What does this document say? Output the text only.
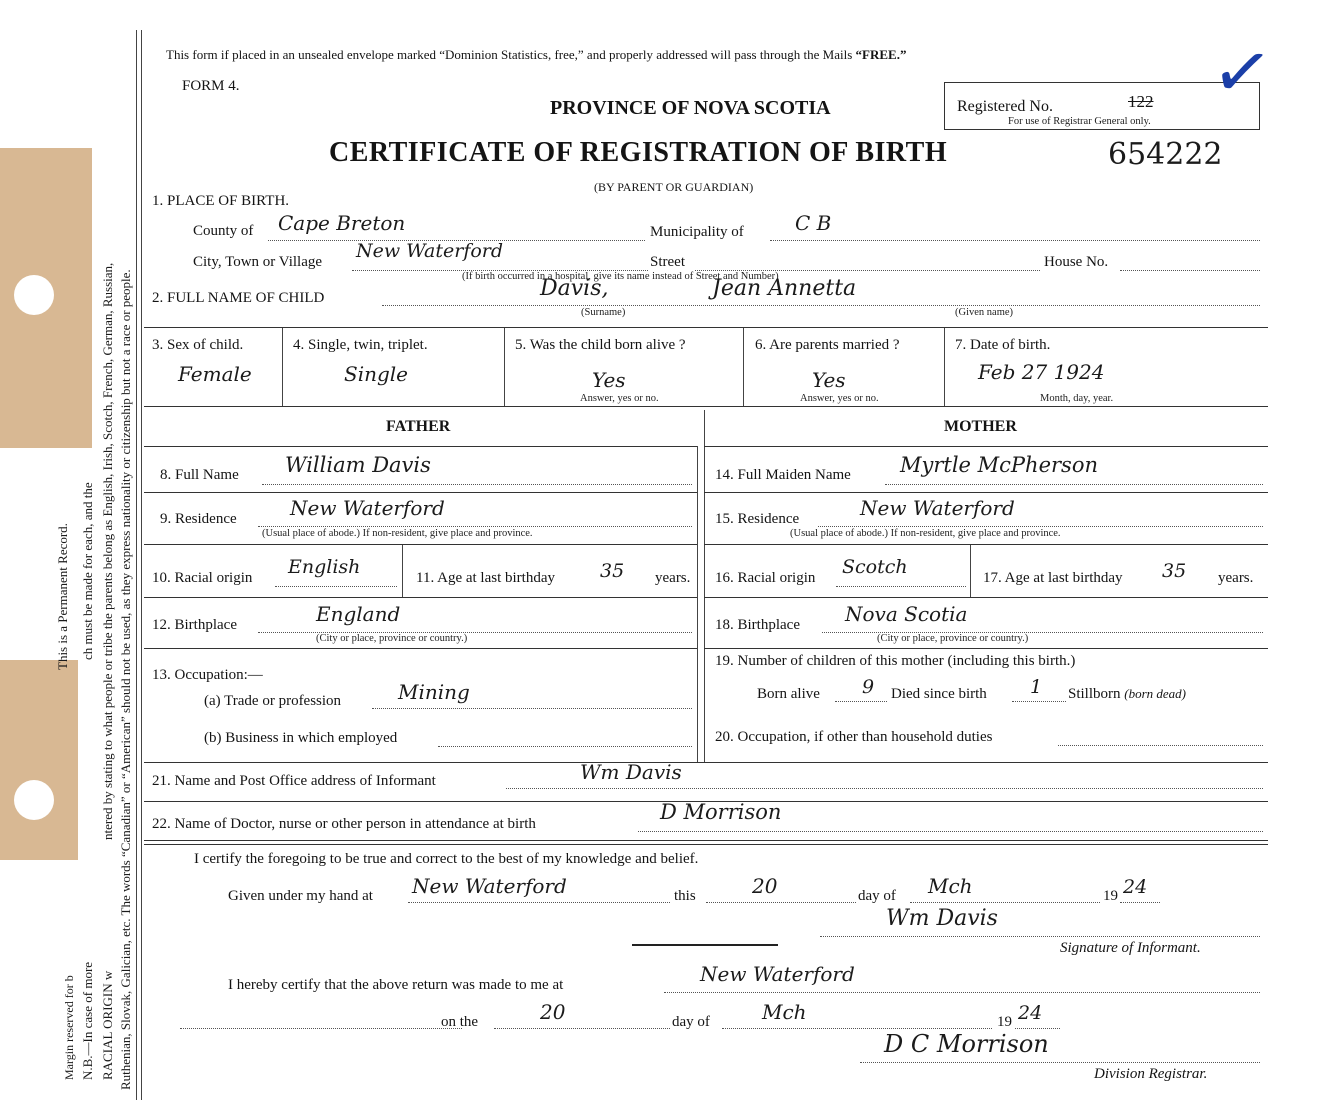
Margin reserved for b
This is a Permanent Record.
N.B.—In case of more
ch must be made for each, and the
RACIAL ORIGIN w
ntered by stating to what people or tribe the parents belong as English, Irish, Scotch, French, German, Russian, Ruthenian, Slovak, Galician, etc. The words “Canadian” or “American” should not be used, as they express nationality or citizenship but not a race or people.
This form if placed in an unsealed envelope marked “Dominion Statistics, free,” and properly addressed will pass through the Mails “FREE.”
FORM 4.
PROVINCE OF NOVA SCOTIA	Registered No.	122
For use of Registrar General only.
✓
CERTIFICATE OF REGISTRATION OF BIRTH	654222
(BY PARENT OR GUARDIAN)
1. PLACE OF BIRTH.
County of Cape Breton	Municipality of	C B
City, Town or Village New Waterford	Street	House No.
(If birth occurred in a hospital, give its name instead of Street and Number)
2. FULL NAME OF CHILD	Davis,	Jean Annetta
(Surname)	(Given name)
3. Sex of child.
Female
4. Single, twin, triplet.
Single
5. Was the child born alive ?
Yes
Answer, yes or no.
6. Are parents married ?
Yes
Answer, yes or no.
7. Date of birth.
Feb 27 1924
Month, day, year.
FATHER	MOTHER
8. Full Name William Davis
9. Residence	New Waterford
(Usual place of abode.) If non-resident, give place and province.
10. Racial origin English	11. Age at last birthday 35 years.
12. Birthplace	England
(City or place, province or country.)
13. Occupation:—
(a) Trade or profession	Mining
(b) Business in which employed
14. Full Maiden Name Myrtle McPherson
15. Residence	New Waterford
(Usual place of abode.) If non-resident, give place and province.
16. Racial origin Scotch	17. Age at last birthday 35 years.
18. Birthplace Nova Scotia
(City or place, province or country.)
19. Number of children of this mother (including this birth.)
Born alive 9 Died since birth 1 Stillborn (born dead)
20. Occupation, if other than household duties
21. Name and Post Office address of Informant	Wm Davis
22. Name of Doctor, nurse or other person in attendance at birth	D Morrison
I certify the foregoing to be true and correct to the best of my knowledge and belief.
Given under my hand at New Waterford	this	20	day of Mch	19 24
Wm Davis
Signature of Informant.
I hereby certify that the above return was made to me at	New Waterford
on the	20	day of	Mch	19 24
D C Morrison
Division Registrar.
